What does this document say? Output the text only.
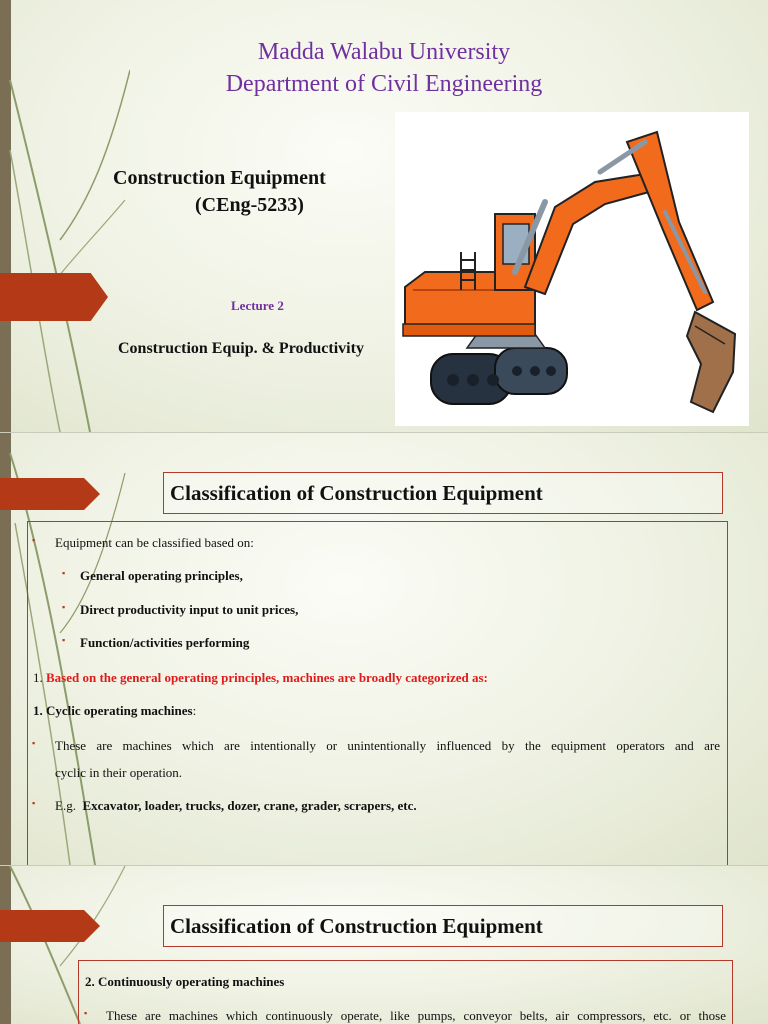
Madda Walabu University
Department of Civil Engineering
Construction Equipment
(CEng-5233)
Lecture 2
Construction Equip. & Productivity
Classification of Construction Equipment
▪ Equipment can be classified based on:
▪ General operating principles,
▪ Direct productivity input to unit prices,
▪ Function/activities performing
1. Based on the general operating principles, machines are broadly categorized as:
1. Cyclic operating machines:
▪ These are machines which are intentionally or unintentionally influenced by the equipment operators and are
cyclic in their operation.
▪ E.g. Excavator, loader, trucks, dozer, crane, grader, scrapers, etc.
Classification of Construction Equipment
2. Continuously operating machines
▪ These are machines which continuously operate, like pumps, conveyor belts, air compressors, etc. or those
